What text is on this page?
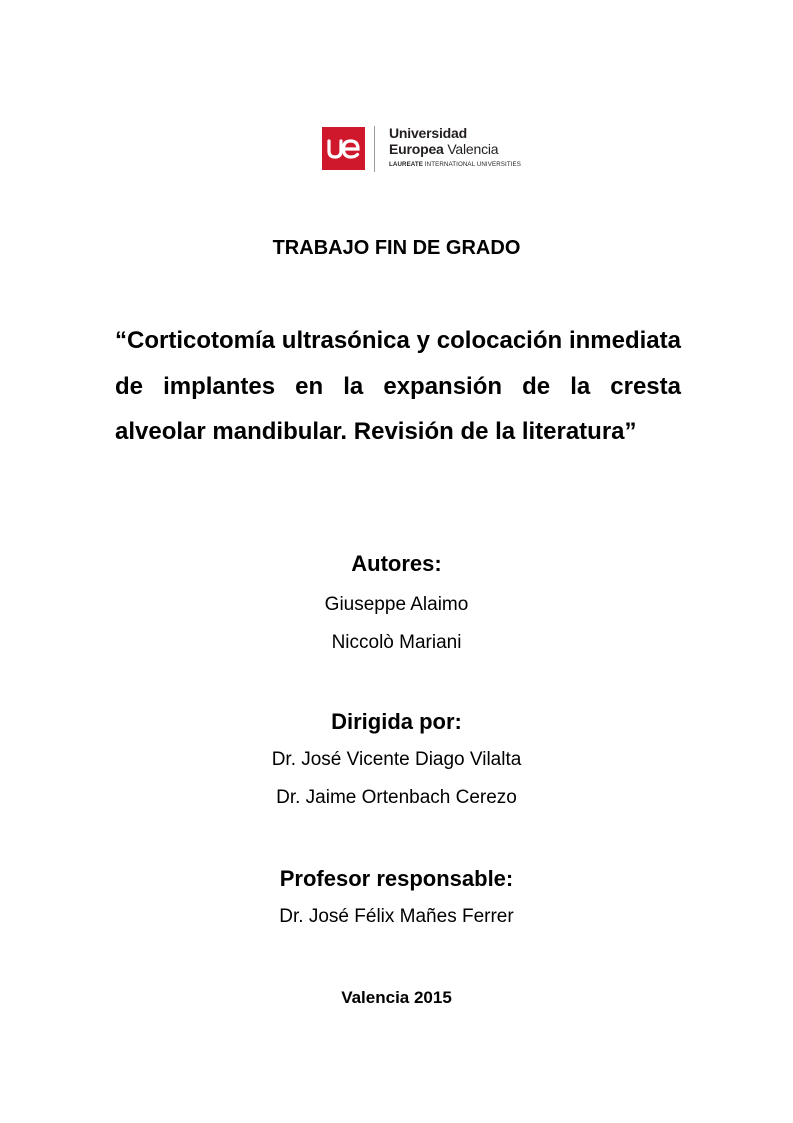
Universidad
Europea Valencia
LAUREATE INTERNATIONAL UNIVERSITIES
TRABAJO FIN DE GRADO
“Corticotomía ultrasónica y colocación inmediata de implantes en la expansión de la cresta alveolar mandibular. Revisión de la literatura”
Autores:
Giuseppe Alaimo
Niccolò Mariani
Dirigida por:
Dr. José Vicente Diago Vilalta
Dr. Jaime Ortenbach Cerezo
Profesor responsable:
Dr. José Félix Mañes Ferrer
Valencia 2015
